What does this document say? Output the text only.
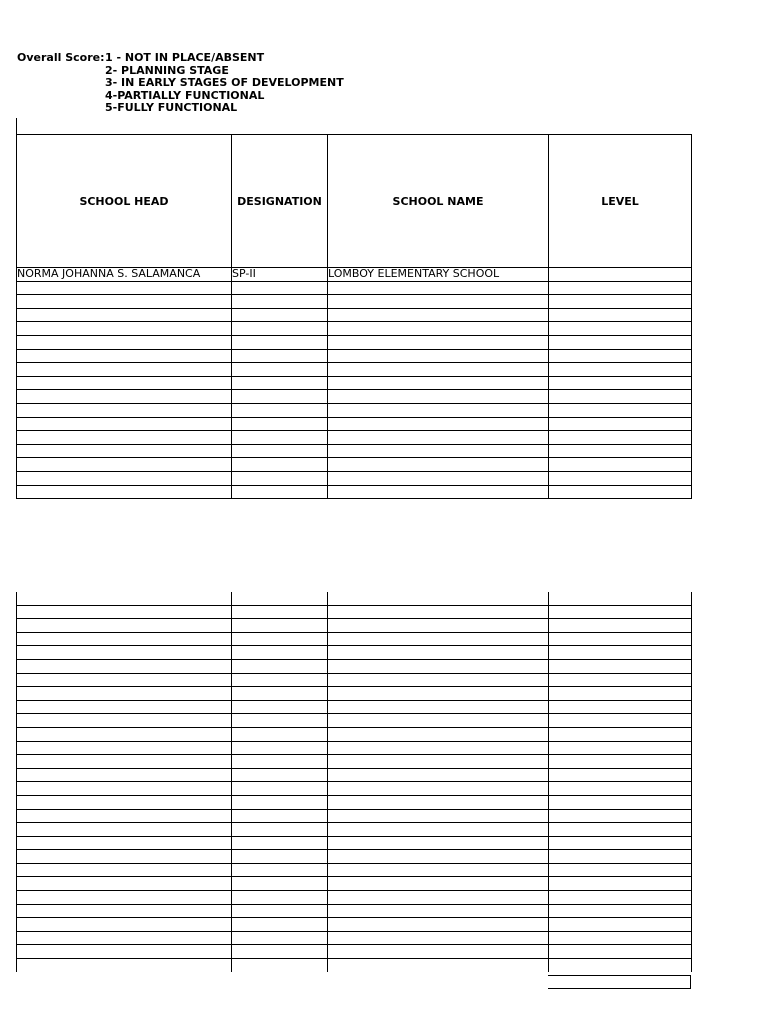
Overall Score:1 - NOT IN PLACE/ABSENT
2- PLANNING STAGE
3- IN EARLY STAGES OF DEVELOPMENT
4-PARTIALLY FUNCTIONAL
5-FULLY FUNCTIONAL
SCHOOL HEAD	DESIGNATION	SCHOOL NAME	LEVEL
NORMA JOHANNA S. SALAMANCA	SP-II	LOMBOY ELEMENTARY SCHOOL	
